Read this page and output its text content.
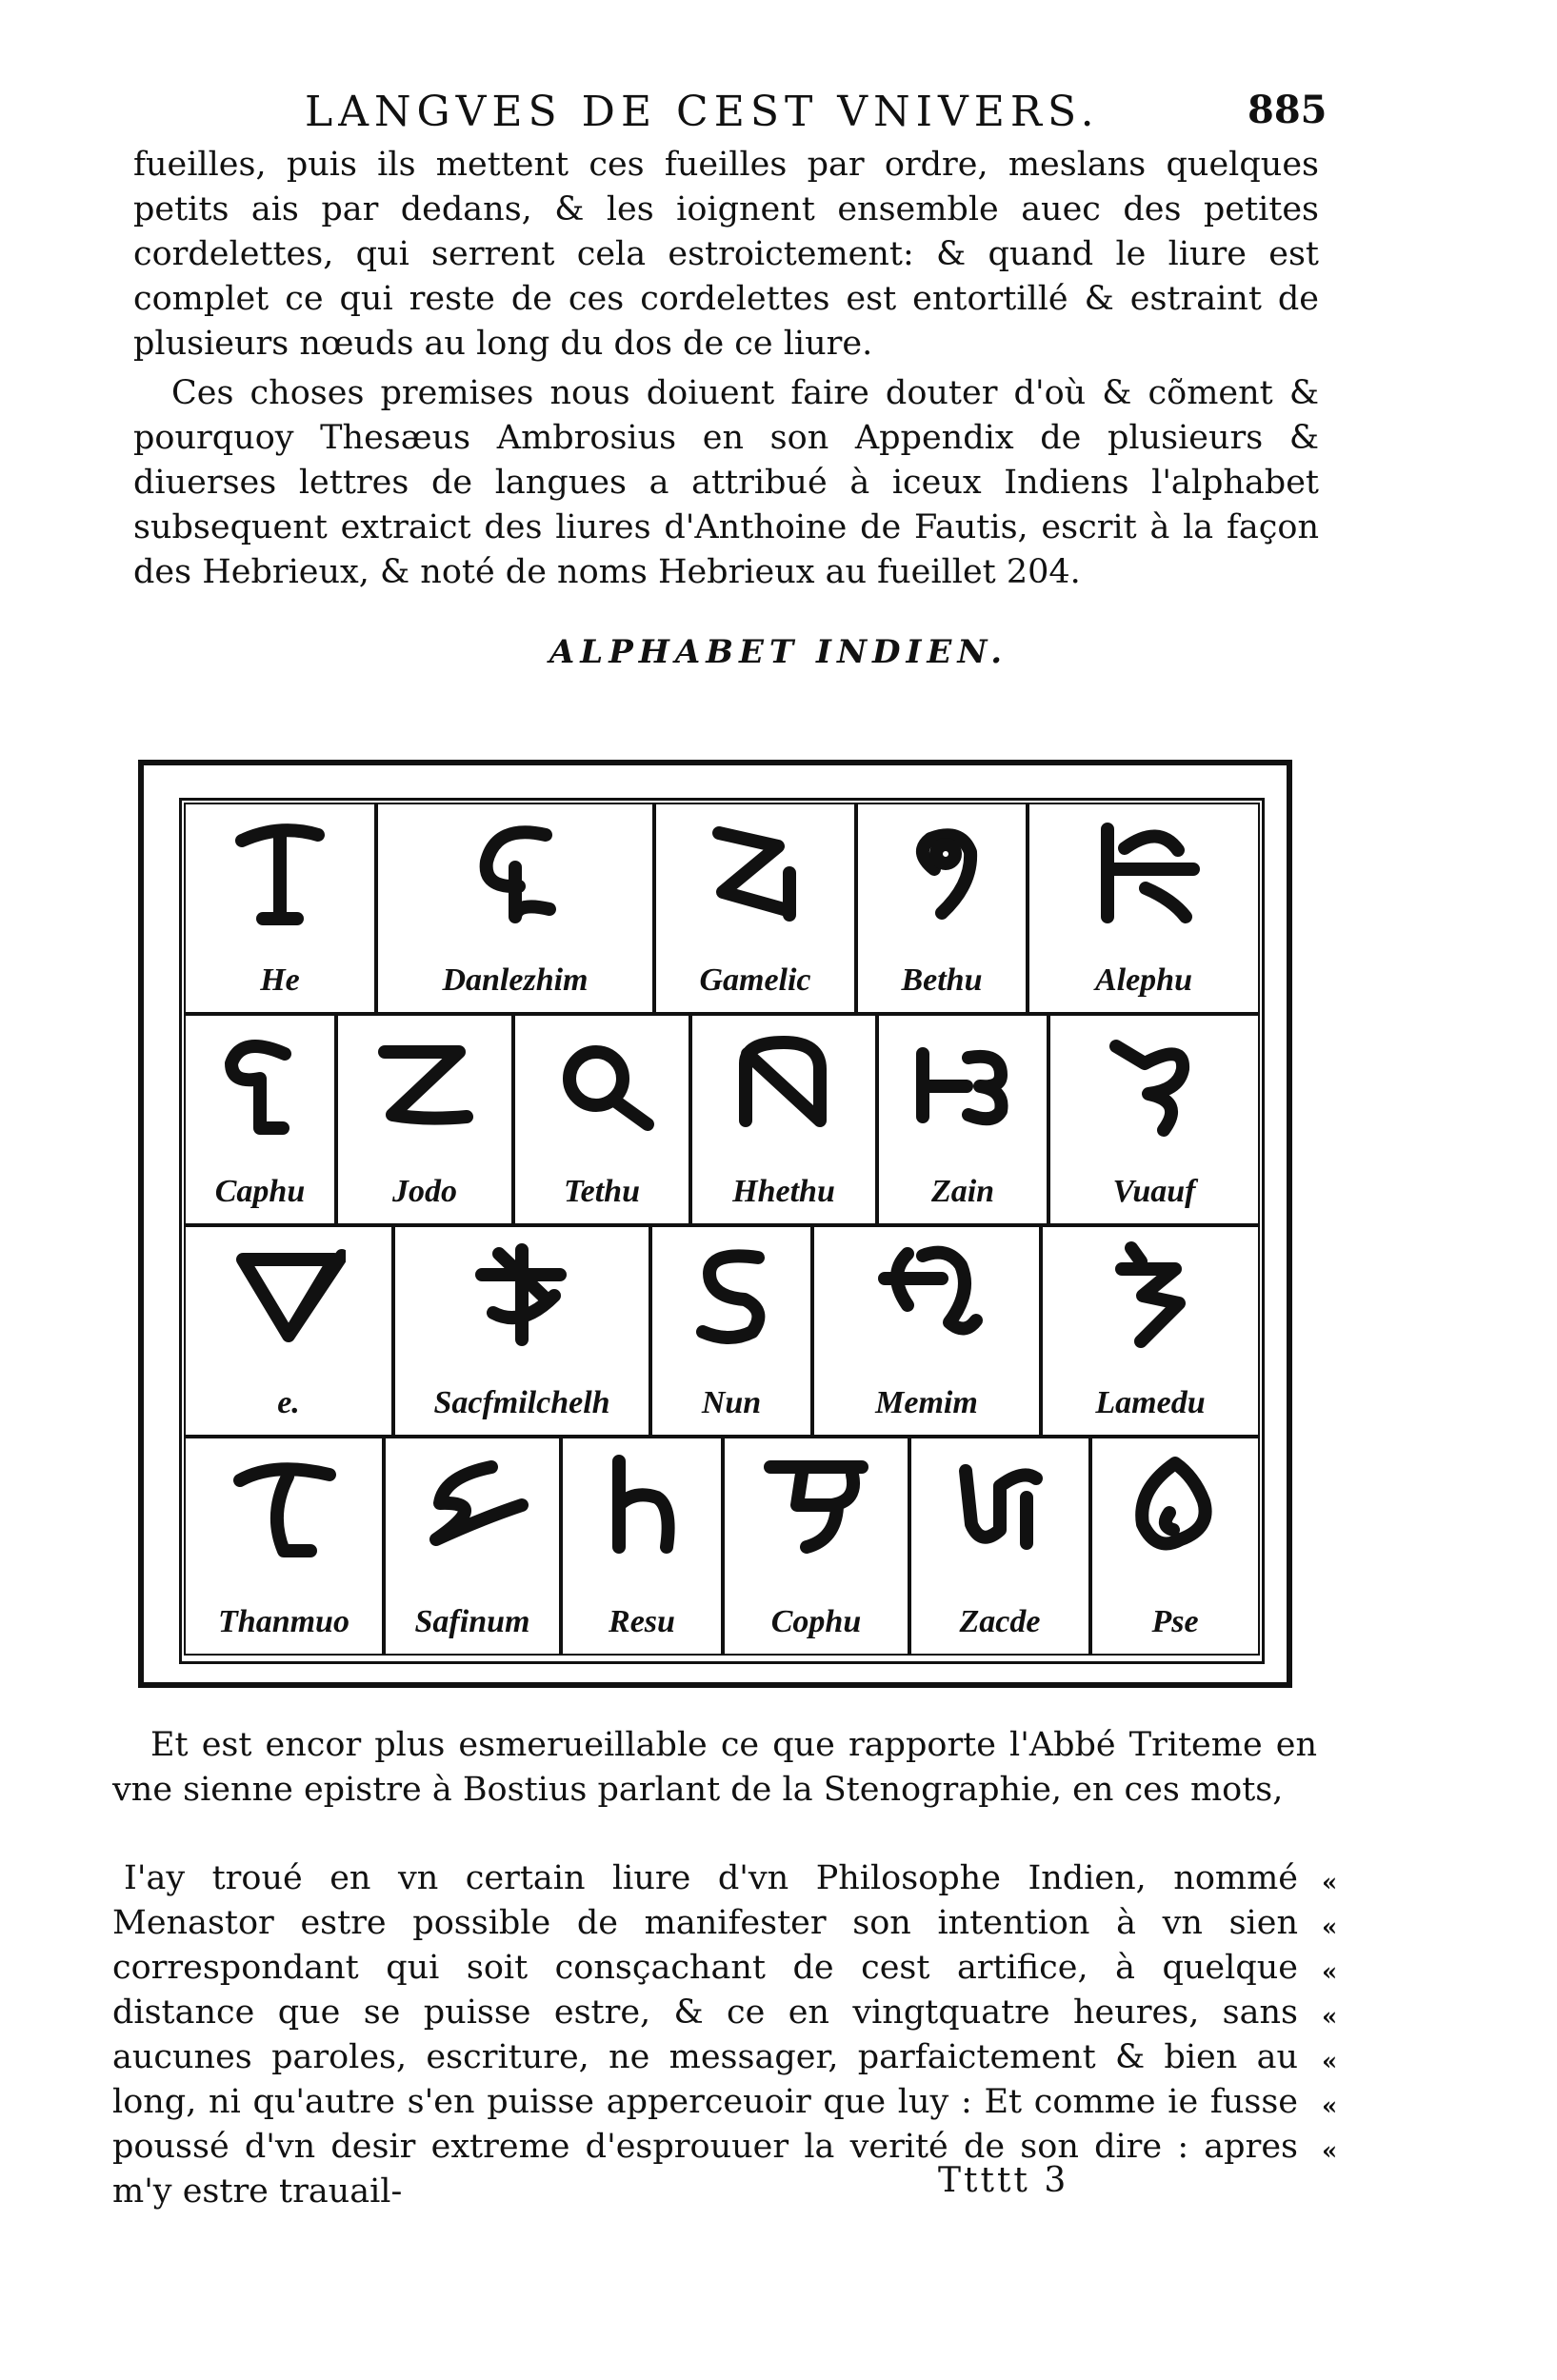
LANGVES DE CEST VNIVERS.	885

fueilles, puis ils mettent ces fueilles par ordre, meslans quelques petits ais par dedans, & les ioignent ensemble auec des petites cordelettes, qui serrent cela estroictement: & quand le liure est complet ce qui reste de ces cordelettes est entortillé & estraint de plusieurs nœuds au long du dos de ce liure.

Ces choses premises nous doiuent faire douter d'où & cõment & pourquoy Thesæus Ambrosius en son Appendix de plusieurs & diuerses lettres de langues a attribué à iceux Indiens l'alphabet subsequent extraict des liures d'Anthoine de Fautis, escrit à la façon des Hebrieux, & noté de noms Hebrieux au fueillet 204.

ALPHABET INDIEN.
He	Danlezhim	Gamelic	Bethu	Alephu
Caphu	Jodo	Tethu	Hhethu	Zain	Vuauf
e.	Sacfmilchelh	Nun	Memim	Lamedu
Thanmuo Safinum Resu	Cophu	Zacde	Pse

Et est encor plus esmerueillable ce que rapporte l'Abbé Triteme en vne sienne epistre à Bostius parlant de la Stenographie, en ces mots,

I'ay troué en vn certain liure d'vn Philosophe Indien, nommé Menastor estre possible de manifester son intention à vn sien correspondant qui soit consçachant de cest artifice, à quelque distance que se puisse estre, & ce en vingtquatre heures, sans aucunes paroles, escriture, ne messager, parfaictement & bien au long, ni qu'autre s'en puisse apperceuoir que luy : Et comme ie fusse poussé d'vn desir extreme d'esprouuer la verité de son dire : apres m'y estre trauail-

«
«
«
«
«
«
«
Ttttt 3
